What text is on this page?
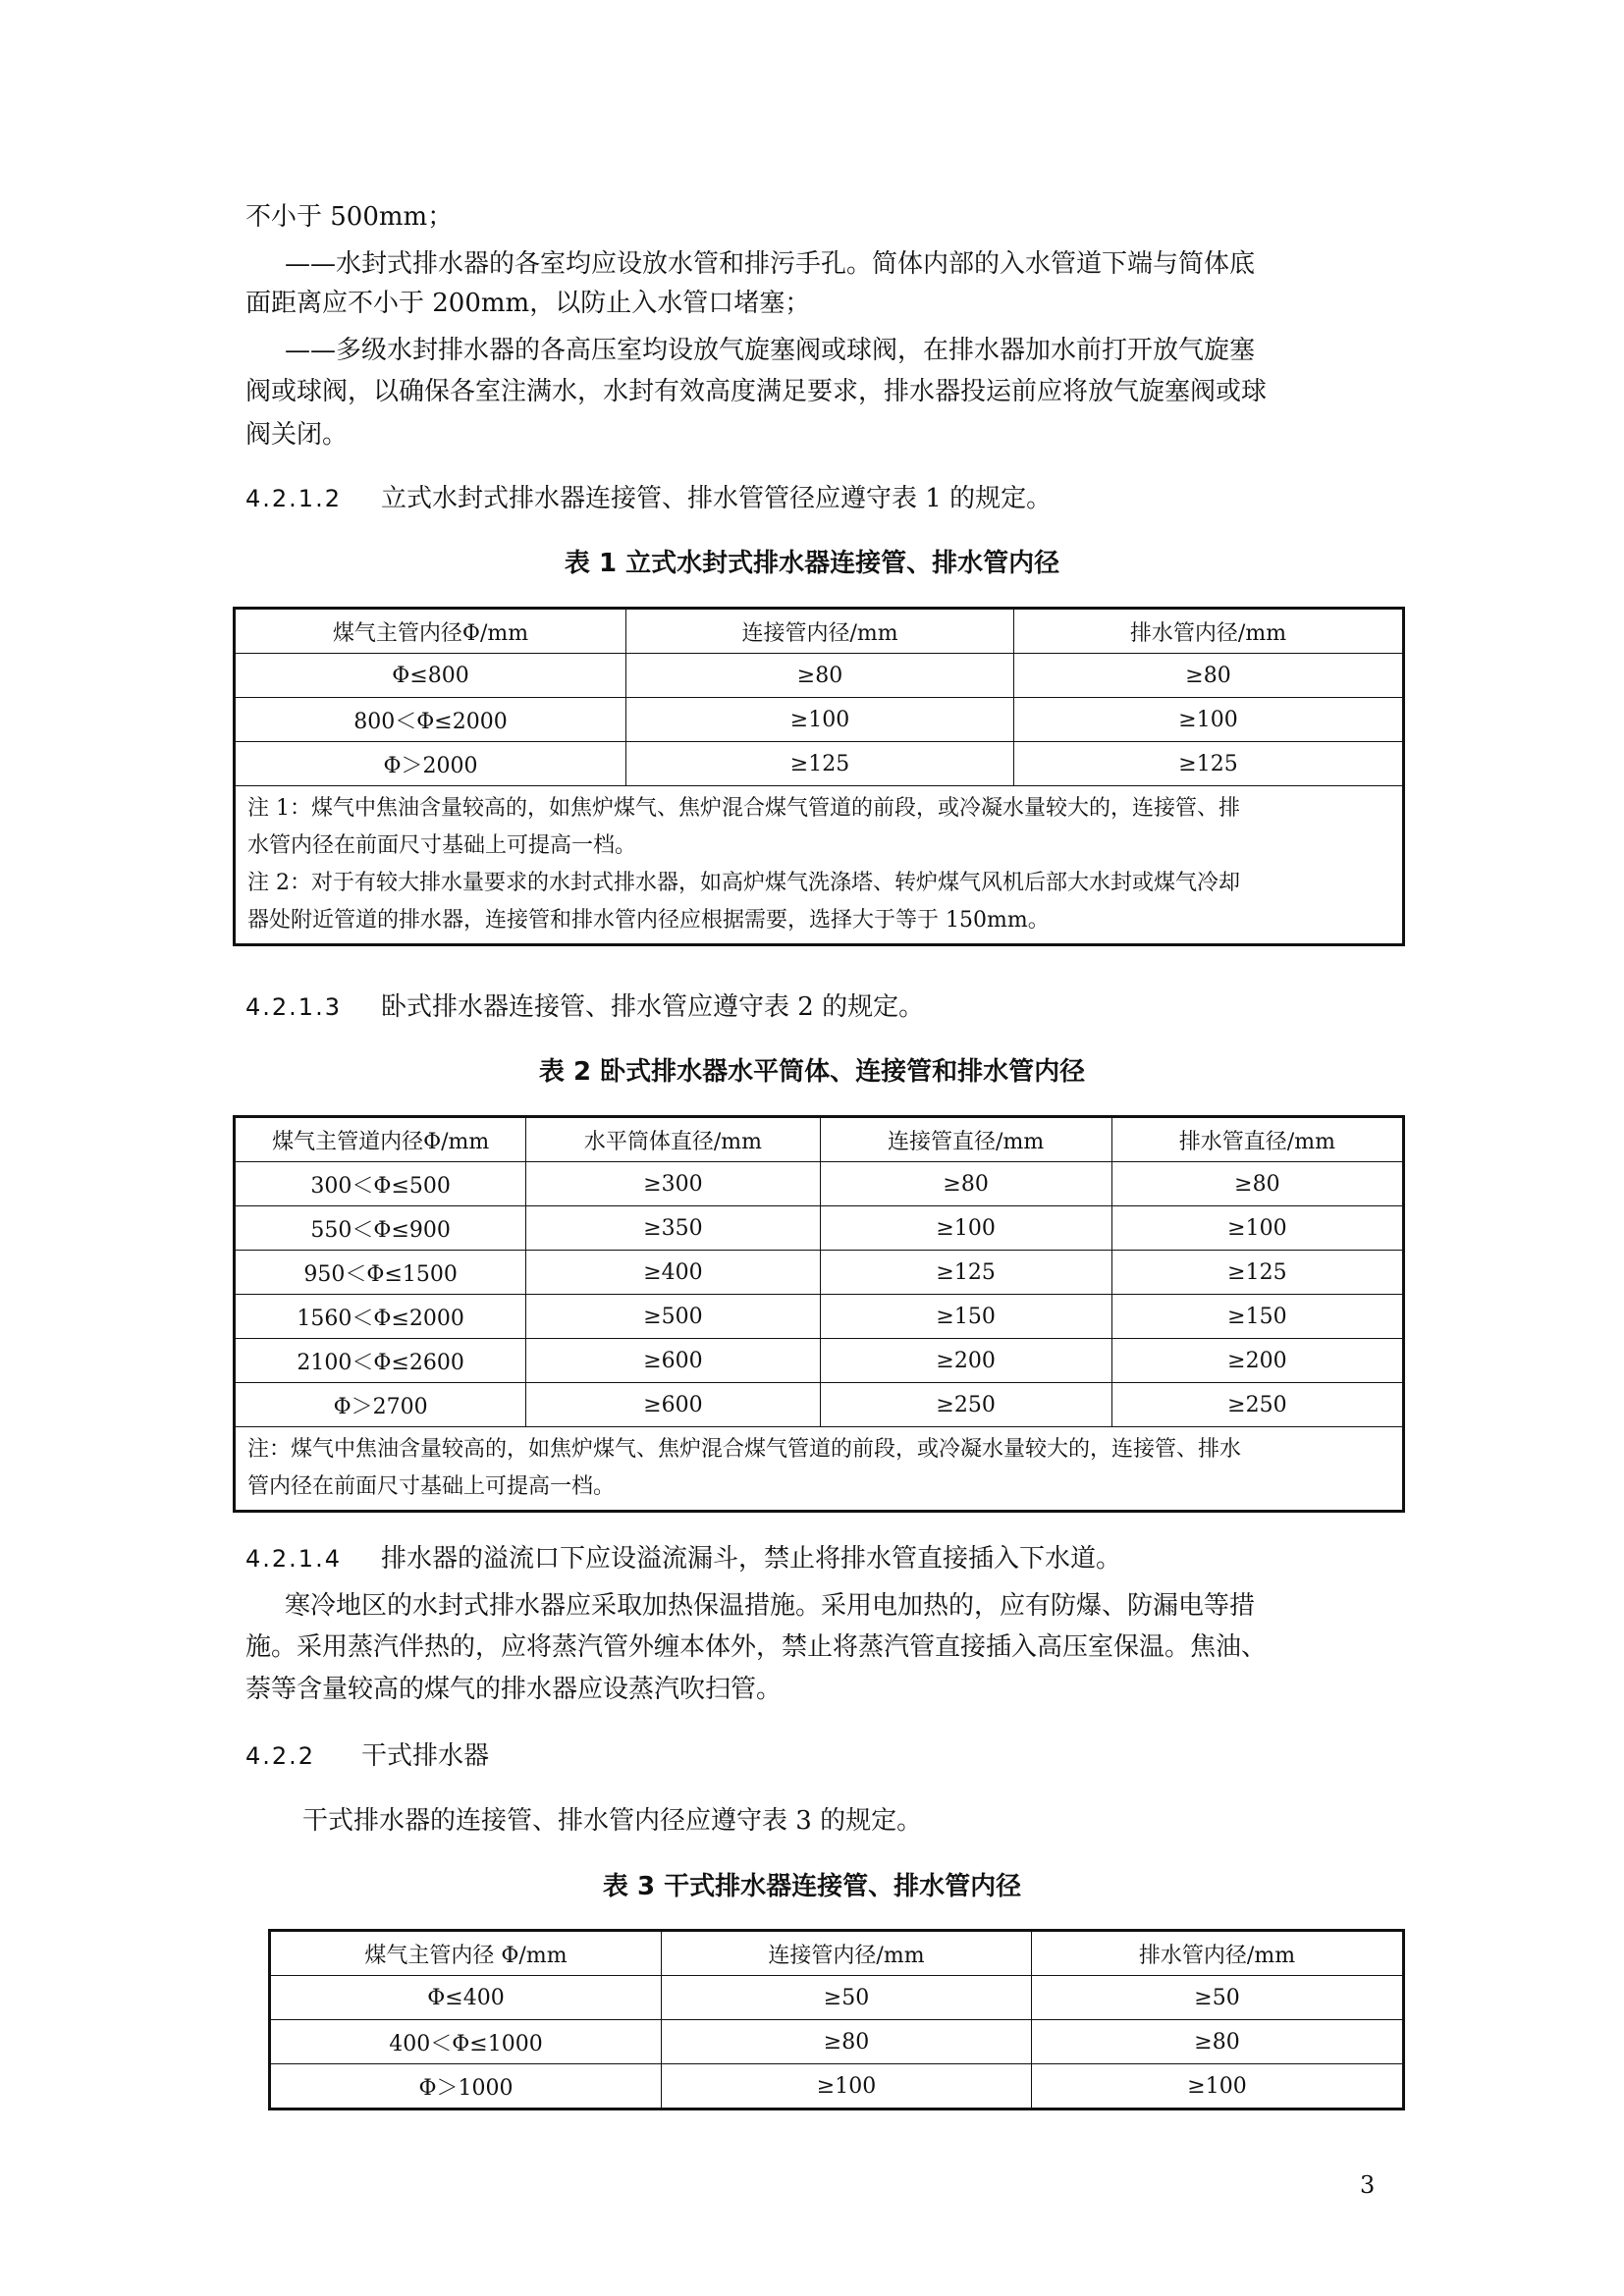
不小于 500mm；
——水封式排水器的各室均应设放水管和排污手孔。简体内部的入水管道下端与简体底
面距离应不小于 200mm，以防止入水管口堵塞；
——多级水封排水器的各高压室均设放气旋塞阀或球阀，在排水器加水前打开放气旋塞
阀或球阀，以确保各室注满水，水封有效高度满足要求，排水器投运前应将放气旋塞阀或球
阀关闭。
4.2.1.2 立式水封式排水器连接管、排水管管径应遵守表 1 的规定。
表 1 立式水封式排水器连接管、排水管内径
煤气主管内径Φ/mm	连接管内径/mm	排水管内径/mm
Φ≤800	≥80	≥80
800＜Φ≤2000	≥100	≥100
Φ＞2000	≥125	≥125

注 1：煤气中焦油含量较高的，如焦炉煤气、焦炉混合煤气管道的前段，或冷凝水量较大的，连接管、排
水管内径在前面尺寸基础上可提高一档。
注 2：对于有较大排水量要求的水封式排水器，如高炉煤气洗涤塔、转炉煤气风机后部大水封或煤气冷却
器处附近管道的排水器，连接管和排水管内径应根据需要，选择大于等于 150mm。		
4.2.1.3 卧式排水器连接管、排水管应遵守表 2 的规定。
表 2 卧式排水器水平筒体、连接管和排水管内径
煤气主管道内径Φ/mm	水平筒体直径/mm	连接管直径/mm	排水管直径/mm
300＜Φ≤500	≥300	≥80	≥80
550＜Φ≤900	≥350	≥100	≥100
950＜Φ≤1500	≥400	≥125	≥125
1560＜Φ≤2000	≥500	≥150	≥150
2100＜Φ≤2600	≥600	≥200	≥200
Φ＞2700	≥600	≥250	≥250

注：煤气中焦油含量较高的，如焦炉煤气、焦炉混合煤气管道的前段，或冷凝水量较大的，连接管、排水
管内径在前面尺寸基础上可提高一档。			
4.2.1.4 排水器的溢流口下应设溢流漏斗，禁止将排水管直接插入下水道。
寒冷地区的水封式排水器应采取加热保温措施。采用电加热的，应有防爆、防漏电等措
施。采用蒸汽伴热的，应将蒸汽管外缠本体外，禁止将蒸汽管直接插入高压室保温。焦油、
萘等含量较高的煤气的排水器应设蒸汽吹扫管。
4.2.2 干式排水器
干式排水器的连接管、排水管内径应遵守表 3 的规定。
表 3 干式排水器连接管、排水管内径
煤气主管内径 Φ/mm	连接管内径/mm	排水管内径/mm
Φ≤400	≥50	≥50
400＜Φ≤1000	≥80	≥80
Φ＞1000	≥100	≥100
3
